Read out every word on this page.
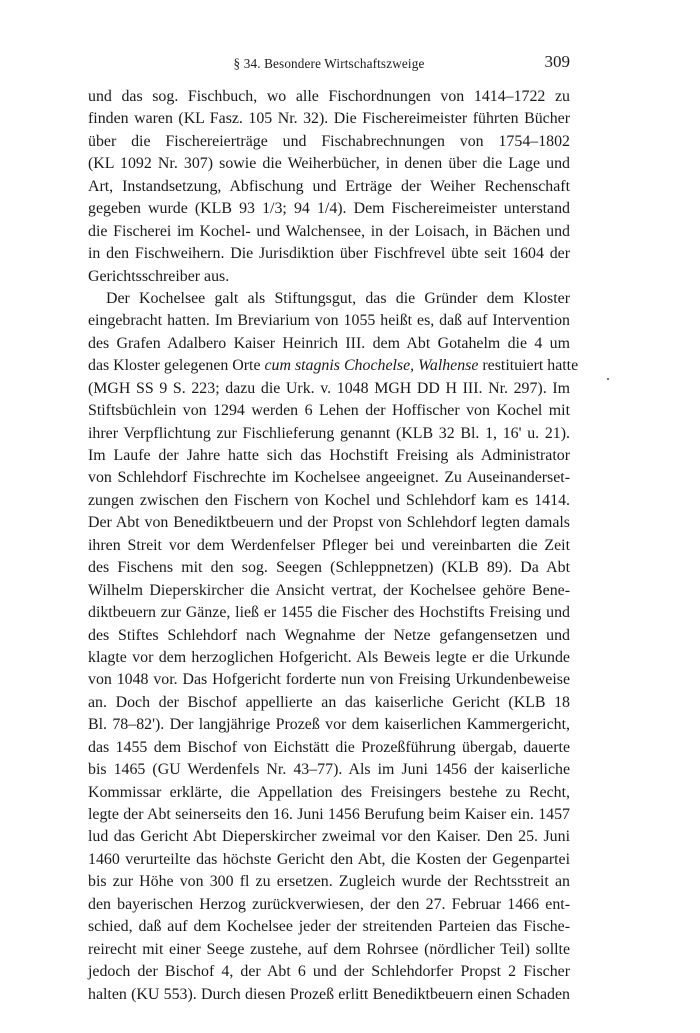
§ 34. Besondere Wirtschaftszweige	309
und das sog. Fischbuch, wo alle Fischordnungen von 1414–1722 zu
finden waren (KL Fasz. 105 Nr. 32). Die Fischereimeister führten Bücher
über die Fischereierträge und Fischabrechnungen von 1754–1802
(KL 1092 Nr. 307) sowie die Weiherbücher, in denen über die Lage und
Art, Instandsetzung, Abfischung und Erträge der Weiher Rechenschaft
gegeben wurde (KLB 93 1/3; 94 1/4). Dem Fischereimeister unterstand
die Fischerei im Kochel- und Walchensee, in der Loisach, in Bächen und
in den Fischweihern. Die Jurisdiktion über Fischfrevel übte seit 1604 der
Gerichtsschreiber aus.
Der Kochelsee galt als Stiftungsgut, das die Gründer dem Kloster
eingebracht hatten. Im Breviarium von 1055 heißt es, daß auf Intervention
des Grafen Adalbero Kaiser Heinrich III. dem Abt Gotahelm die 4 um
das Kloster gelegenen Orte cum stagnis Chochelse, Walhense restituiert hatte
(MGH SS 9 S. 223; dazu die Urk. v. 1048 MGH DD H III. Nr. 297). Im
Stiftsbüchlein von 1294 werden 6 Lehen der Hoffischer von Kochel mit
ihrer Verpflichtung zur Fischlieferung genannt (KLB 32 Bl. 1, 16' u. 21).
Im Laufe der Jahre hatte sich das Hochstift Freising als Administrator
von Schlehdorf Fischrechte im Kochelsee angeeignet. Zu Auseinanderset-
zungen zwischen den Fischern von Kochel und Schlehdorf kam es 1414.
Der Abt von Benediktbeuern und der Propst von Schlehdorf legten damals
ihren Streit vor dem Werdenfelser Pfleger bei und vereinbarten die Zeit
des Fischens mit den sog. Seegen (Schleppnetzen) (KLB 89). Da Abt
Wilhelm Dieperskircher die Ansicht vertrat, der Kochelsee gehöre Bene-
diktbeuern zur Gänze, ließ er 1455 die Fischer des Hochstifts Freising und
des Stiftes Schlehdorf nach Wegnahme der Netze gefangensetzen und
klagte vor dem herzoglichen Hofgericht. Als Beweis legte er die Urkunde
von 1048 vor. Das Hofgericht forderte nun von Freising Urkundenbeweise
an. Doch der Bischof appellierte an das kaiserliche Gericht (KLB 18
Bl. 78–82'). Der langjährige Prozeß vor dem kaiserlichen Kammergericht,
das 1455 dem Bischof von Eichstätt die Prozeßführung übergab, dauerte
bis 1465 (GU Werdenfels Nr. 43–77). Als im Juni 1456 der kaiserliche
Kommissar erklärte, die Appellation des Freisingers bestehe zu Recht,
legte der Abt seinerseits den 16. Juni 1456 Berufung beim Kaiser ein. 1457
lud das Gericht Abt Dieperskircher zweimal vor den Kaiser. Den 25. Juni
1460 verurteilte das höchste Gericht den Abt, die Kosten der Gegenpartei
bis zur Höhe von 300 fl zu ersetzen. Zugleich wurde der Rechtsstreit an
den bayerischen Herzog zurückverwiesen, der den 27. Februar 1466 ent-
schied, daß auf dem Kochelsee jeder der streitenden Parteien das Fische-
reirecht mit einer Seege zustehe, auf dem Rohrsee (nördlicher Teil) sollte
jedoch der Bischof 4, der Abt 6 und der Schlehdorfer Propst 2 Fischer
halten (KU 553). Durch diesen Prozeß erlitt Benediktbeuern einen Schaden
